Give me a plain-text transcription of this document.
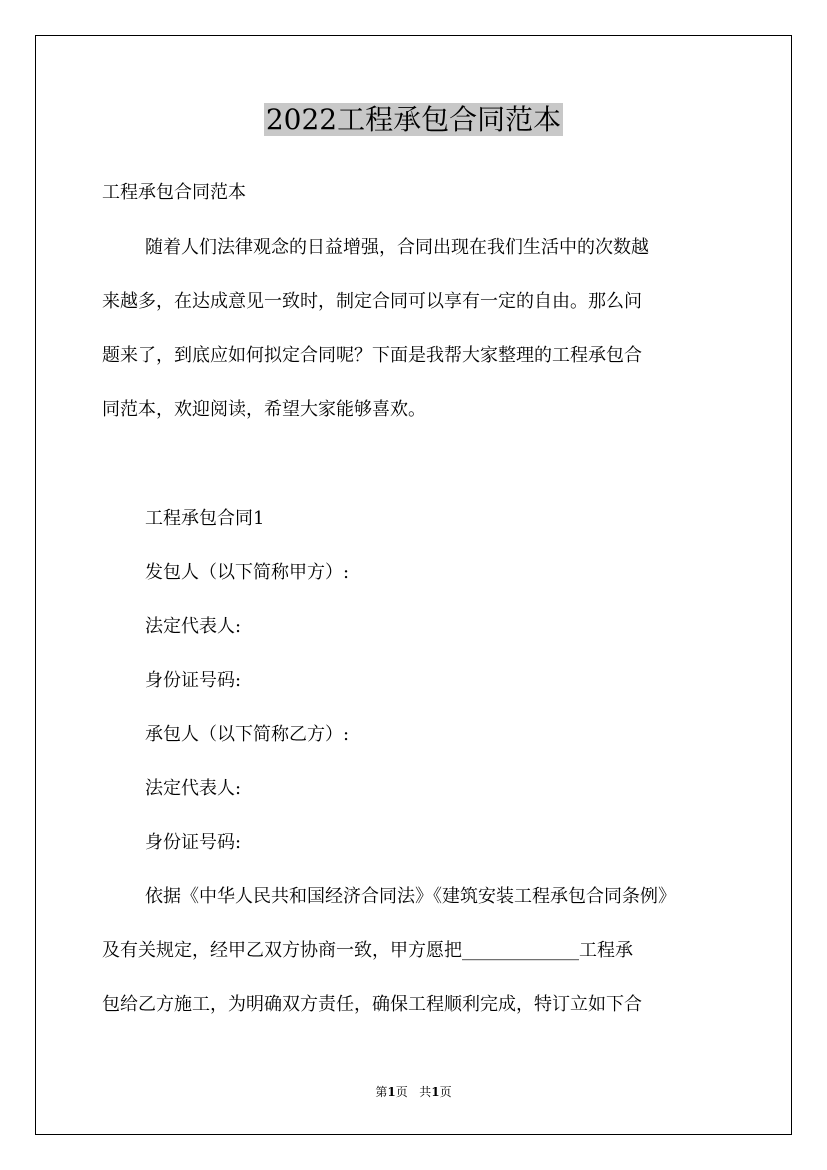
2022工程承包合同范本
工程承包合同范本
随着人们法律观念的日益增强，合同出现在我们生活中的次数越
来越多，在达成意见一致时，制定合同可以享有一定的自由。那么问
题来了，到底应如何拟定合同呢？下面是我帮大家整理的工程承包合
同范本，欢迎阅读，希望大家能够喜欢。
工程承包合同1
发包人（以下简称甲方）:
法定代表人:
身份证号码:
承包人（以下简称乙方）:
法定代表人:
身份证号码:
依据《中华人民共和国经济合同法》《建筑安装工程承包合同条例》
及有关规定，经甲乙双方协商一致，甲方愿把_____________工程承
包给乙方施工，为明确双方责任，确保工程顺利完成，特订立如下合
第1页   共1页
